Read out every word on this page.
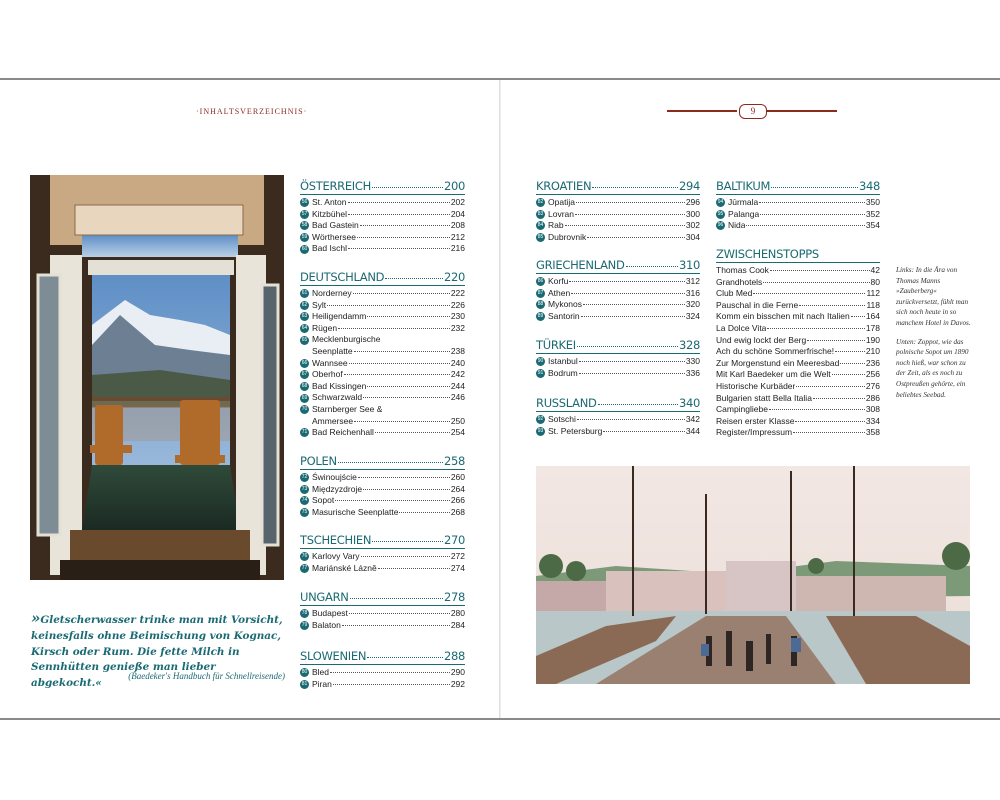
·INHALTSVERZEICHNIS·	9
»Gletscherwasser trinke man mit Vorsicht, keinesfalls ohne Beimischung von Kognac, Kirsch oder Rum. Die fette Milch in Sennhütten genieße man lieber abgekocht.«
(Baedeker's Handbuch für Schnellreisende)

Links: In die Ära von Thomas Manns »Zauberberg« zurückversetzt, fühlt man sich noch heute in so manchem Hotel in Davos.

Unten: Zoppot, wie das polnische Sopot um 1890 noch hieß, war schon zu der Zeit, als es noch zu Ostpreußen gehörte, ein beliebtes Seebad.

ÖSTERREICH	200
56 St. Anton	202
57 Kitzbühel	204
58 Bad Gastein	208
59 Wörthersee	212
60 Bad Ischl	216
DEUTSCHLAND	220
61 Norderney	222
62 Sylt	226
63 Heiligendamm	230
64 Rügen	232
65 Mecklenburgische
Seenplatte	238
66 Wannsee	240
67 Oberhof	242
68 Bad Kissingen	244
69 Schwarzwald	246
70 Starnberger See &
Ammersee	250
71 Bad Reichenhall	254
POLEN	258
72 Świnoujście	260
73 Międzyzdroje	264
74 Sopot	266
75 Masurische Seenplatte	268
TSCHECHIEN	270
76 Karlovy Vary	272
77 Mariánské Lázně	274
UNGARN	278
78 Budapest	280
79 Balaton	284
SLOWENIEN	288
80 Bled	290
81 Piran	292
KROATIEN	294
82 Opatija	296
83 Lovran	300
84 Rab	302
85 Dubrovnik	304
GRIECHENLAND	310
86 Korfu	312
87 Athen	316
88 Mykonos	320
89 Santorin	324
TÜRKEI	328
90 Istanbul	330
91 Bodrum	336
RUSSLAND	340
92 Sotschi	342
93 St. Petersburg	344
BALTIKUM	348
94 Jūrmala	350
95 Palanga	352
96 Nida	354
ZWISCHENSTOPPS
Thomas Cook	42
Grandhotels	80
Club Med	112
Pauschal in die Ferne	118
Komm ein bisschen mit nach Italien 164
La Dolce Vita	178
Und ewig lockt der Berg	190
Ach du schöne Sommerfrische!	210
Zur Morgenstund ein Meeresbad	236
Mit Karl Baedeker um die Welt	256
Historische Kurbäder	276
Bulgarien statt Bella Italia	286
Campingliebe	308
Reisen erster Klasse	334
Register/Impressum	358
